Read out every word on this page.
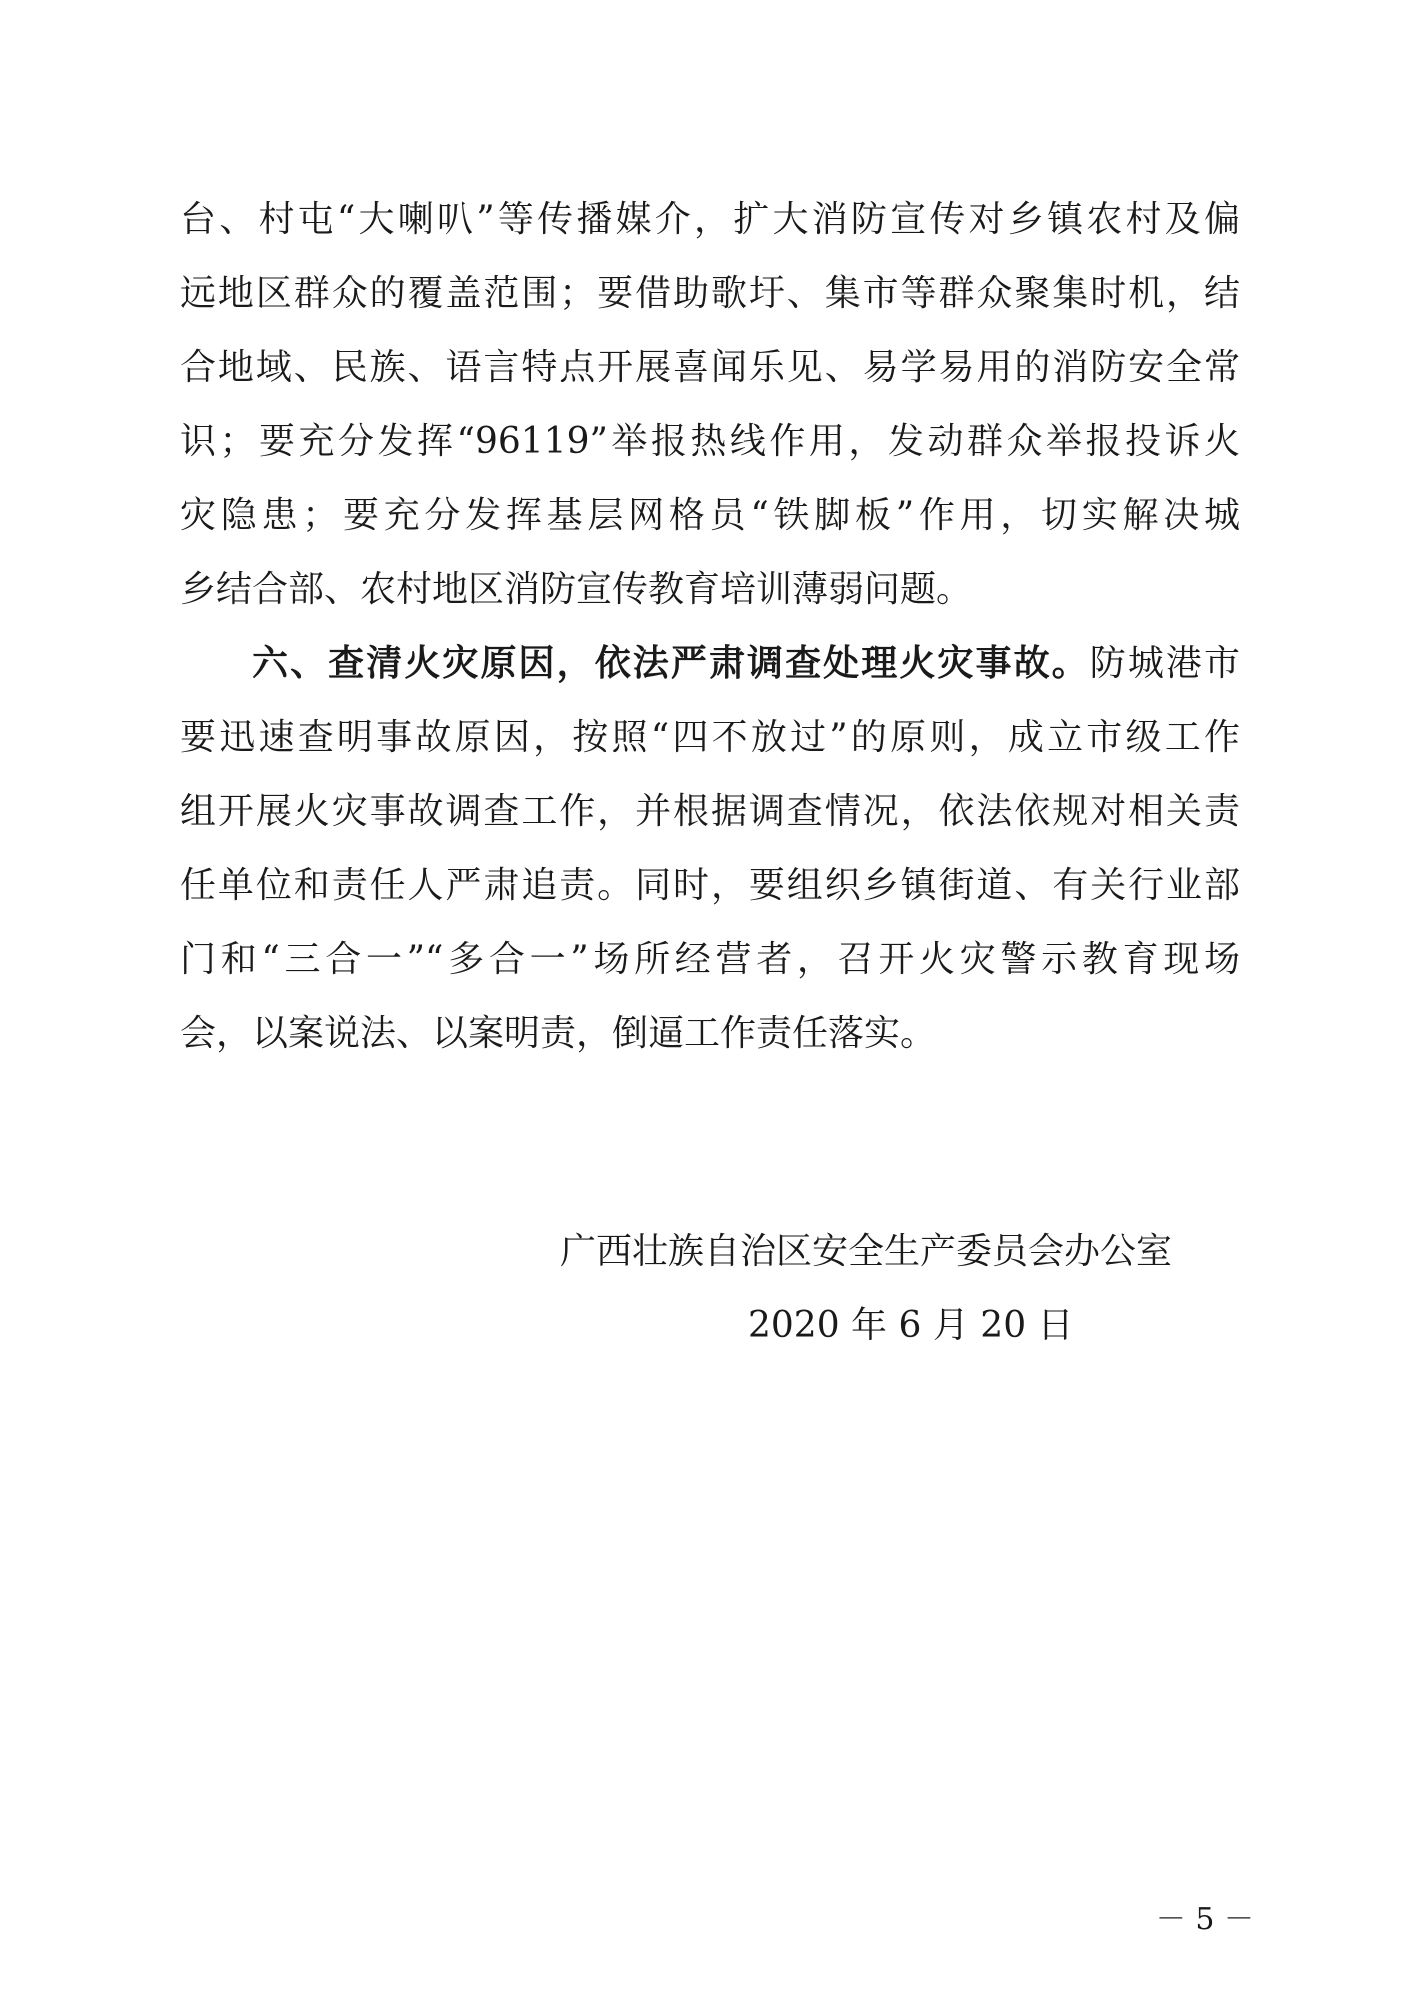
台、村屯“大喇叭”等传播媒介，扩大消防宣传对乡镇农村及偏
远地区群众的覆盖范围；要借助歌圩、集市等群众聚集时机，结
合地域、民族、语言特点开展喜闻乐见、易学易用的消防安全常
识；要充分发挥“96119”举报热线作用，发动群众举报投诉火
灾隐患；要充分发挥基层网格员“铁脚板”作用，切实解决城
乡结合部、农村地区消防宣传教育培训薄弱问题。
六、查清火灾原因，依法严肃调查处理火灾事故。防城港市
要迅速查明事故原因，按照“四不放过”的原则，成立市级工作
组开展火灾事故调查工作，并根据调查情况，依法依规对相关责
任单位和责任人严肃追责。同时，要组织乡镇街道、有关行业部
门和“三合一”“多合一”场所经营者，召开火灾警示教育现场
会，以案说法、以案明责，倒逼工作责任落实。
广西壮族自治区安全生产委员会办公室
2020 年 6 月 20 日
－ 5 －
